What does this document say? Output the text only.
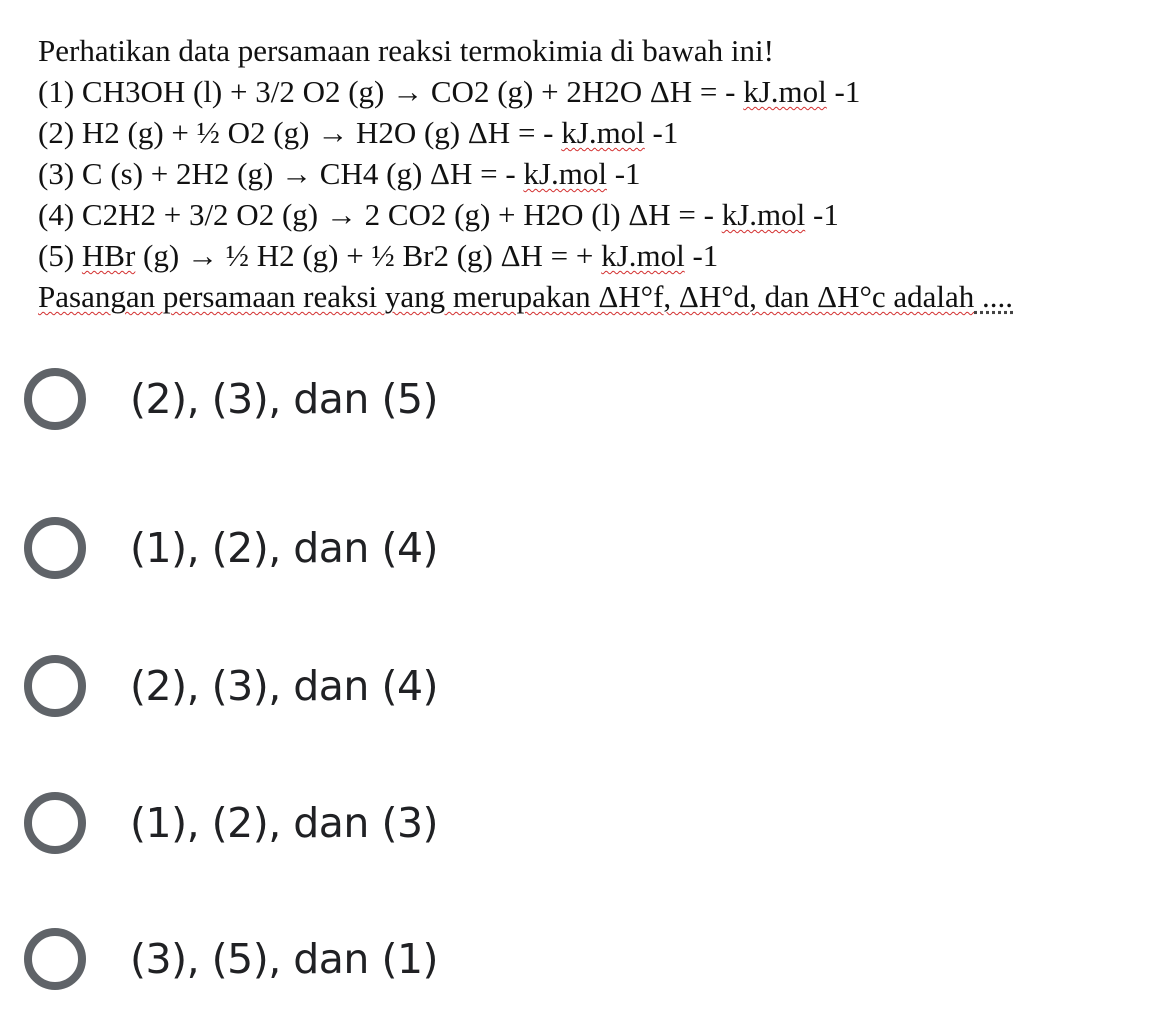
Perhatikan data persamaan reaksi termokimia di bawah ini!
(1) CH3OH (l) + 3/2 O2 (g) → CO2 (g) + 2H2O ΔH = - kJ.mol -1
(2) H2 (g) + ½ O2 (g) → H2O (g) ΔH = - kJ.mol -1
(3) C (s) + 2H2 (g) → CH4 (g) ΔH = - kJ.mol -1
(4) C2H2 + 3/2 O2 (g) → 2 CO2 (g) + H2O (l) ΔH = - kJ.mol -1
(5) HBr (g) → ½ H2 (g) + ½ Br2 (g) ΔH = + kJ.mol -1
Pasangan persamaan reaksi yang merupakan ΔH°f, ΔH°d, dan ΔH°c adalah ....
(2), (3), dan (5)
(1), (2), dan (4)
(2), (3), dan (4)
(1), (2), dan (3)
(3), (5), dan (1)
